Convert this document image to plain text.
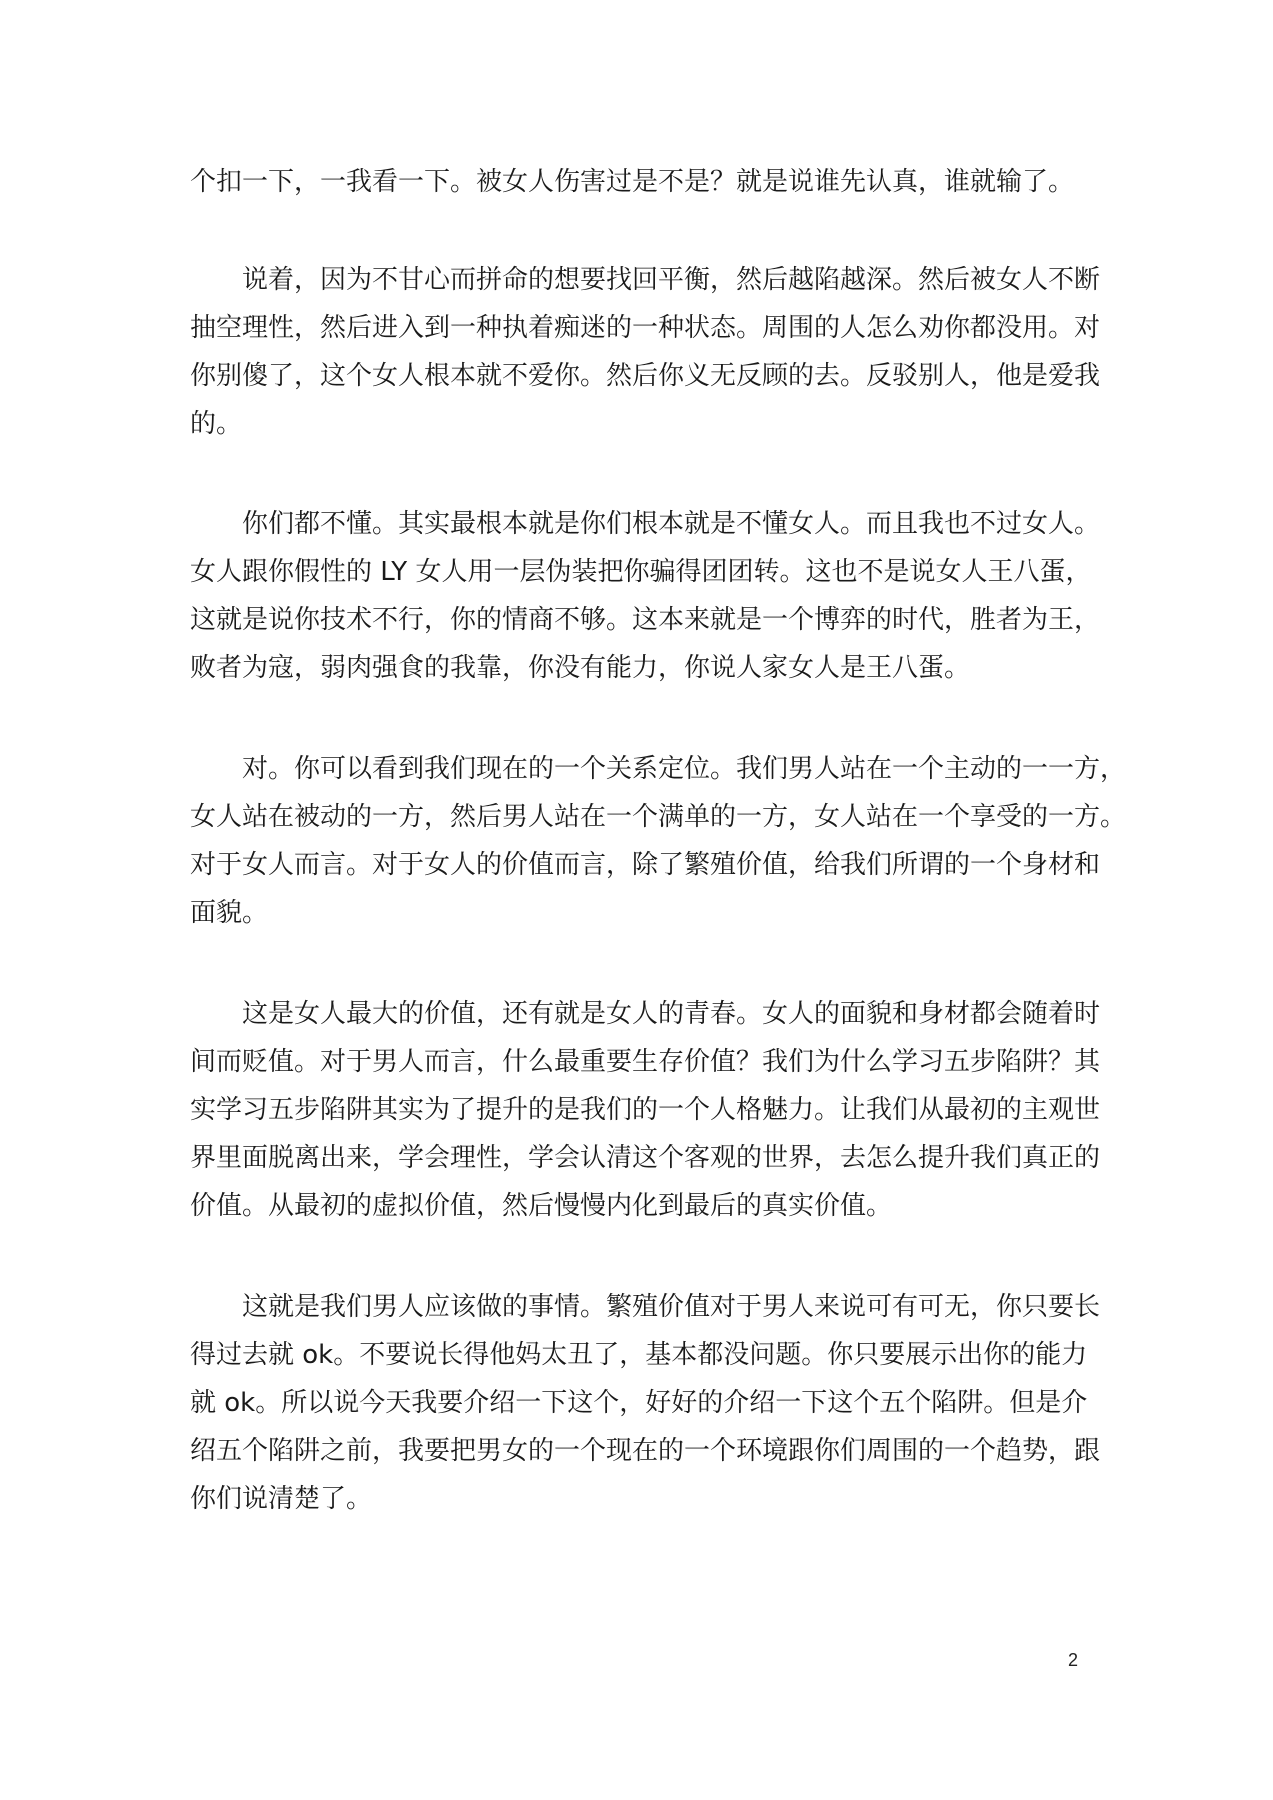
个扣一下，一我看一下。被女人伤害过是不是？就是说谁先认真，谁就输了。
　　说着，因为不甘心而拼命的想要找回平衡，然后越陷越深。然后被女人不断
抽空理性，然后进入到一种执着痴迷的一种状态。周围的人怎么劝你都没用。对
你别傻了，这个女人根本就不爱你。然后你义无反顾的去。反驳别人，他是爱我
的。
　　你们都不懂。其实最根本就是你们根本就是不懂女人。而且我也不过女人。
女人跟你假性的 LY 女人用一层伪装把你骗得团团转。这也不是说女人王八蛋，
这就是说你技术不行，你的情商不够。这本来就是一个博弈的时代，胜者为王，
败者为寇，弱肉强食的我靠，你没有能力，你说人家女人是王八蛋。
　　对。你可以看到我们现在的一个关系定位。我们男人站在一个主动的一一方，
女人站在被动的一方，然后男人站在一个满单的一方，女人站在一个享受的一方。
对于女人而言。对于女人的价值而言，除了繁殖价值，给我们所谓的一个身材和
面貌。
　　这是女人最大的价值，还有就是女人的青春。女人的面貌和身材都会随着时
间而贬值。对于男人而言，什么最重要生存价值？我们为什么学习五步陷阱？其
实学习五步陷阱其实为了提升的是我们的一个人格魅力。让我们从最初的主观世
界里面脱离出来，学会理性，学会认清这个客观的世界，去怎么提升我们真正的
价值。从最初的虚拟价值，然后慢慢内化到最后的真实价值。
　　这就是我们男人应该做的事情。繁殖价值对于男人来说可有可无，你只要长
得过去就 ok。不要说长得他妈太丑了，基本都没问题。你只要展示出你的能力
就 ok。所以说今天我要介绍一下这个，好好的介绍一下这个五个陷阱。但是介
绍五个陷阱之前，我要把男女的一个现在的一个环境跟你们周围的一个趋势，跟
你们说清楚了。
2
